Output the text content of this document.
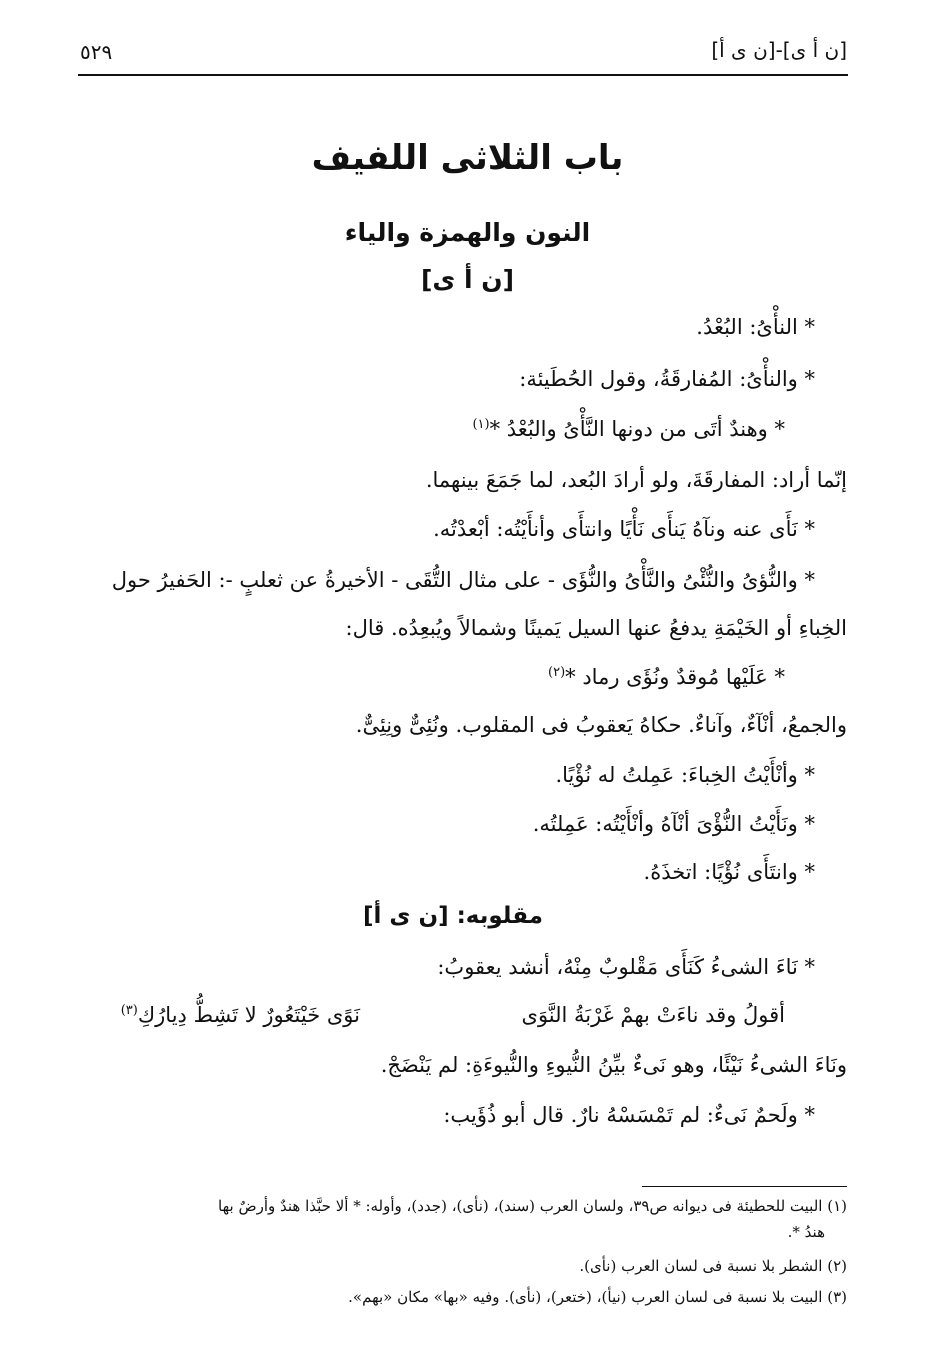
[ن أ ى]-[ن ى أ]
٥٢٩
باب الثلاثى اللفيف
النون والهمزة والياء
[ن أ ى]
* النأْىُ: البُعْدُ.
* والنأْىُ: المُفارقَةُ، وقول الحُطَيئة:
* وهندٌ أتَى من دونها النَّأْىُ والبُعْدُ *$^{(١)}$
إنّما أراد: المفارقَةَ، ولو أرادَ البُعد، لما جَمَعَ بينهما.
* نَأَى عنه ونآهُ يَنأَى نَأْيًا وانتأَى وأنأَيْتُه: أبْعدْتُه.
* والنُّؤىُ والنُّئْىُ والنَّأْىُ والنُّؤَى - على مثال التُّقَى - الأخيرةُ عن ثعلبٍ -: الحَفيرُ حول
الخِباءِ أو الخَيْمَةِ يدفعُ عنها السيل يَمينًا وشمالاً ويُبعِدُه. قال:
* عَلَيْها مُوقدٌ ونُؤَى رماد *$^{(٢)}$
والجمعُ، أنْآءٌ، وآناءٌ. حكاهُ يَعقوبُ فى المقلوب. ونُئِىٌّ ونِئِىٌّ.
* وأنْأَيْتُ الخِباءَ: عَمِلتُ له نُؤْيًا.
* ونَأَيْتُ النُّؤْىَ أنْآهُ وأنْأَيْتُه: عَمِلتُه.
* وانتَأَى نُؤْيًا: اتخذَهُ.
مقلوبه: [ن ى أ]
* نَاءَ الشىءُ كَنَأَى مَقْلوبٌ مِنْهُ، أنشد يعقوبُ:
أقولُ وقد ناءَتْ بهمْ غَرْبَةُ النَّوَى
نَوًى خَيْتَعُورٌ لا تَشِطُّ دِيارُكِ$^{(٣)}$
ونَاءَ الشىءُ نَيْئًا، وهو نَىءٌ بيِّنُ النُّيوءِ والنُّيوءَةِ: لم يَنْضَجْ.
* ولَحمٌ نَىءٌ: لم تَمْسَسْهُ نارٌ. قال أبو ذُؤَيب:
(١) البيت للحطيئة فى ديوانه ص٣٩، ولسان العرب (سند)، (نأى)، (جدد)، وأوله: * ألا حبَّذا هندٌ وأرضٌ بها
هندُ *.
(٢) الشطر بلا نسبة فى لسان العرب (نأى).
(٣) البيت بلا نسبة فى لسان العرب (نيأ)، (ختعر)، (نأى). وفيه «بها» مكان «بهم».
